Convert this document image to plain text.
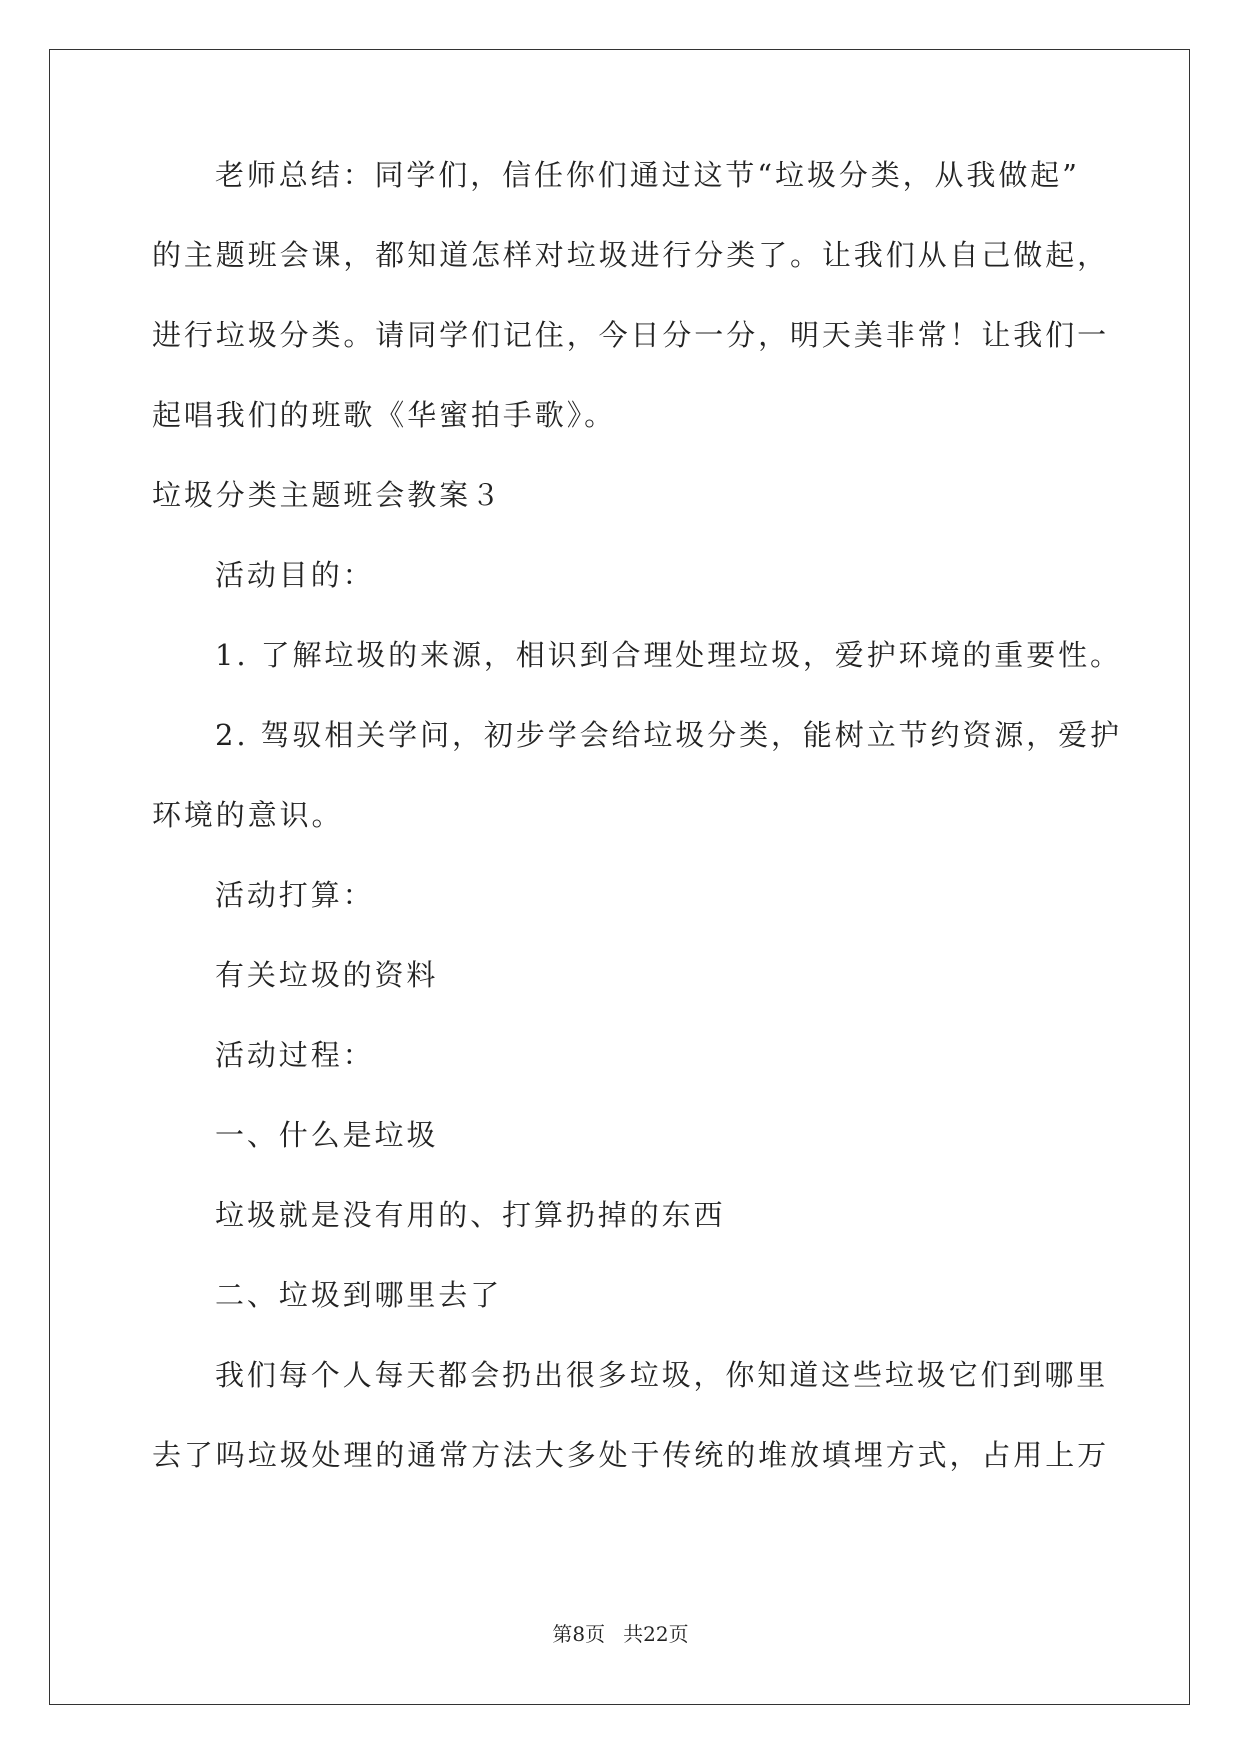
老师总结：同学们，信任你们通过这节“垃圾分类，从我做起”
的主题班会课，都知道怎样对垃圾进行分类了。让我们从自己做起，
进行垃圾分类。请同学们记住，今日分一分，明天美非常！让我们一
起唱我们的班歌《华蜜拍手歌》。
垃圾分类主题班会教案３
活动目的：
1. 了解垃圾的来源，相识到合理处理垃圾，爱护环境的重要性。
2. 驾驭相关学问，初步学会给垃圾分类，能树立节约资源，爱护
环境的意识。
活动打算：
有关垃圾的资料
活动过程：
一、什么是垃圾
垃圾就是没有用的、打算扔掉的东西
二、垃圾到哪里去了
我们每个人每天都会扔出很多垃圾，你知道这些垃圾它们到哪里
去了吗垃圾处理的通常方法大多处于传统的堆放填埋方式，占用上万
第8页 共22页
